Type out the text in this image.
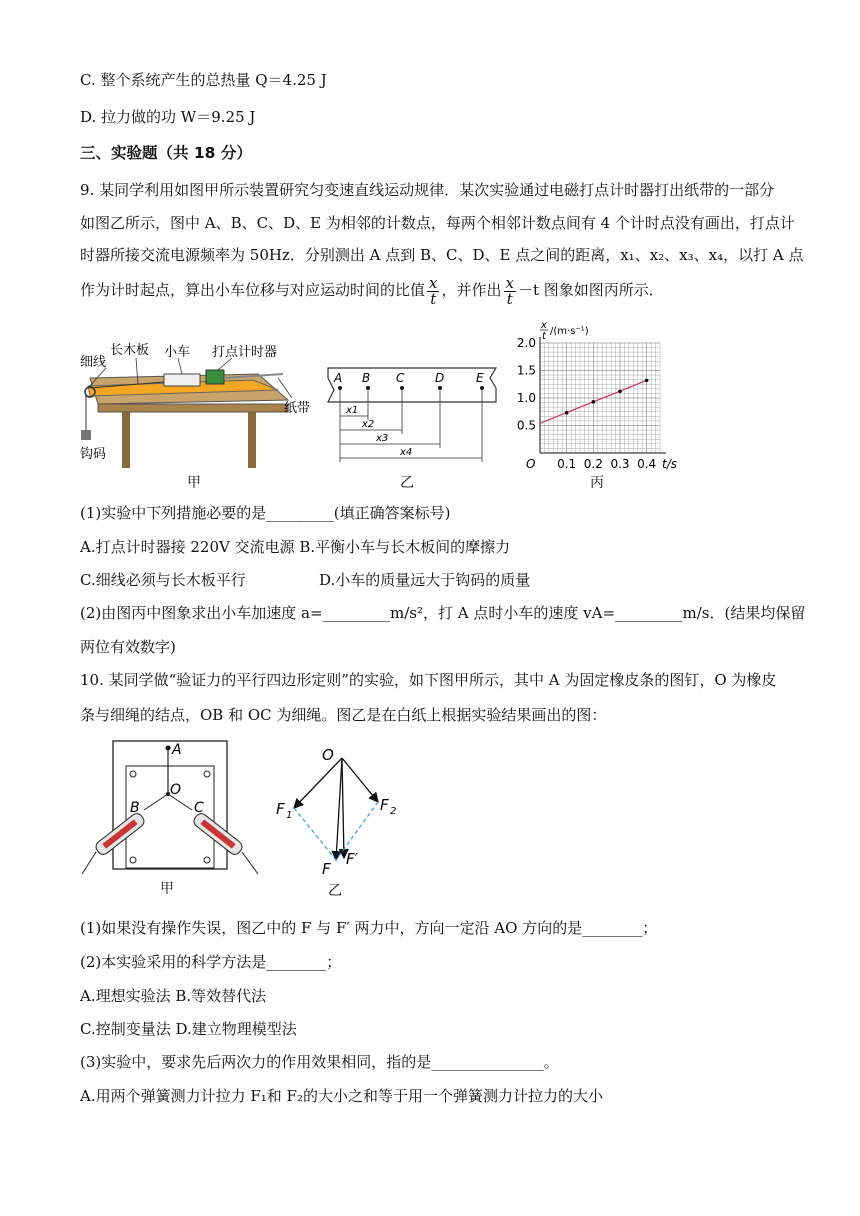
C. 整个系统产生的总热量 Q＝4.25 J
D. 拉力做的功 W＝9.25 J
三、实验题（共 18 分）
9. 某同学利用如图甲所示装置研究匀变速直线运动规律．某次实验通过电磁打点计时器打出纸带的一部分
如图乙所示，图中 A、B、C、D、E 为相邻的计数点，每两个相邻计数点间有 4 个计时点没有画出，打点计
时器所接交流电源频率为 50Hz．分别测出 A 点到 B、C、D、E 点之间的距离，x₁、x₂、x₃、x₄，以打 A 点
作为计时起点，算出小车位移与对应运动时间的比值 $\frac{x}{t}$ ，并作出 $\frac{x}{t} -t$ 图象如图丙所示．
长木板
细线
小车 打点计时器
纸带
钩码
甲
A B C	D	E
x1
x2
x3
x4
乙
0.5
1.0
1.5
2.0
0.1 0.2 0.3 0.4
O
x
t /(m·s⁻¹)
t/s
丙
(1)实验中下列措施必要的是_________(填正确答案标号)
A.打点计时器接 220V 交流电源 B.平衡小车与长木板间的摩擦力
C.细线必须与长木板平行	D.小车的质量远大于钩码的质量
(2)由图丙中图象求出小车加速度 a=_________m/s²，打 A 点时小车的速度 vA=_________m/s．(结果均保留
两位有效数字)
10. 某同学做“验证力的平行四边形定则”的实验，如下图甲所示，其中 A 为固定橡皮条的图钉，O 为橡皮
条与细绳的结点，OB 和 OC 为细绳。图乙是在白纸上根据实验结果画出的图：
A
O
B	C
甲
O
F 1
F 2
F
F′
乙
(1)如果没有操作失误，图乙中的 F 与 F′ 两力中，方向一定沿 AO 方向的是________；
(2)本实验采用的科学方法是________；
A.理想实验法 B.等效替代法
C.控制变量法 D.建立物理模型法
(3)实验中，要求先后两次力的作用效果相同，指的是_______________。
A.用两个弹簧测力计拉力 F₁和 F₂的大小之和等于用一个弹簧测力计拉力的大小
